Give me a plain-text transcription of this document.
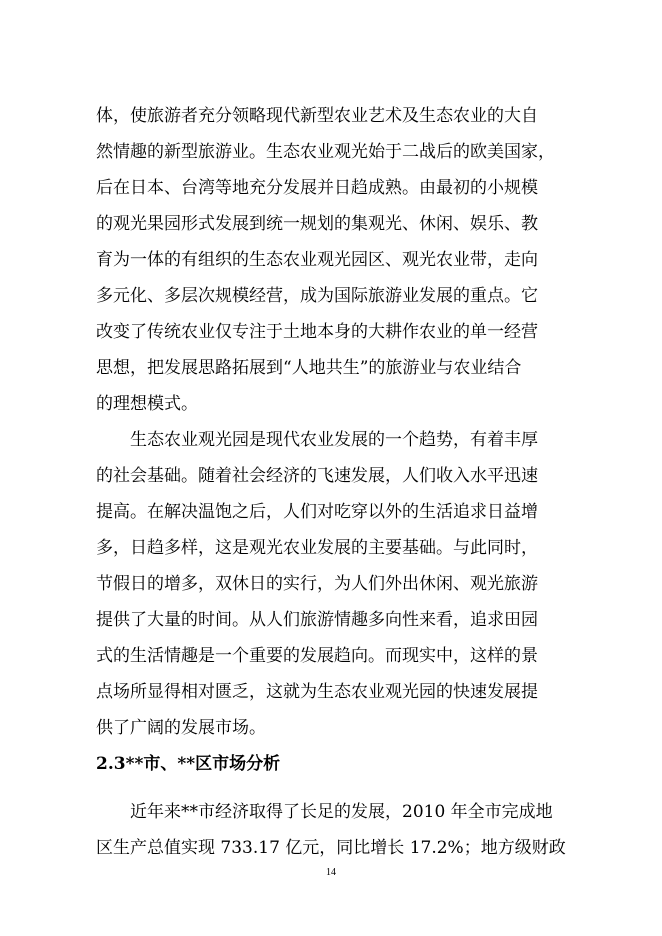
体，使旅游者充分领略现代新型农业艺术及生态农业的大自
然情趣的新型旅游业。生态农业观光始于二战后的欧美国家，
后在日本、台湾等地充分发展并日趋成熟。由最初的小规模
的观光果园形式发展到统一规划的集观光、休闲、娱乐、教
育为一体的有组织的生态农业观光园区、观光农业带，走向
多元化、多层次规模经营，成为国际旅游业发展的重点。它
改变了传统农业仅专注于土地本身的大耕作农业的单一经营
思想，把发展思路拓展到“人地共生”的旅游业与农业结合
的理想模式。
生态农业观光园是现代农业发展的一个趋势，有着丰厚
的社会基础。随着社会经济的飞速发展，人们收入水平迅速
提高。在解决温饱之后，人们对吃穿以外的生活追求日益增
多，日趋多样，这是观光农业发展的主要基础。与此同时，
节假日的增多，双休日的实行，为人们外出休闲、观光旅游
提供了大量的时间。从人们旅游情趣多向性来看，追求田园
式的生活情趣是一个重要的发展趋向。而现实中，这样的景
点场所显得相对匮乏，这就为生态农业观光园的快速发展提
供了广阔的发展市场。
2.3**市、**区市场分析
近年来**市经济取得了长足的发展，2010 年全市完成地
区生产总值实现 733.17 亿元，同比增长 17.2%；地方级财政
14
